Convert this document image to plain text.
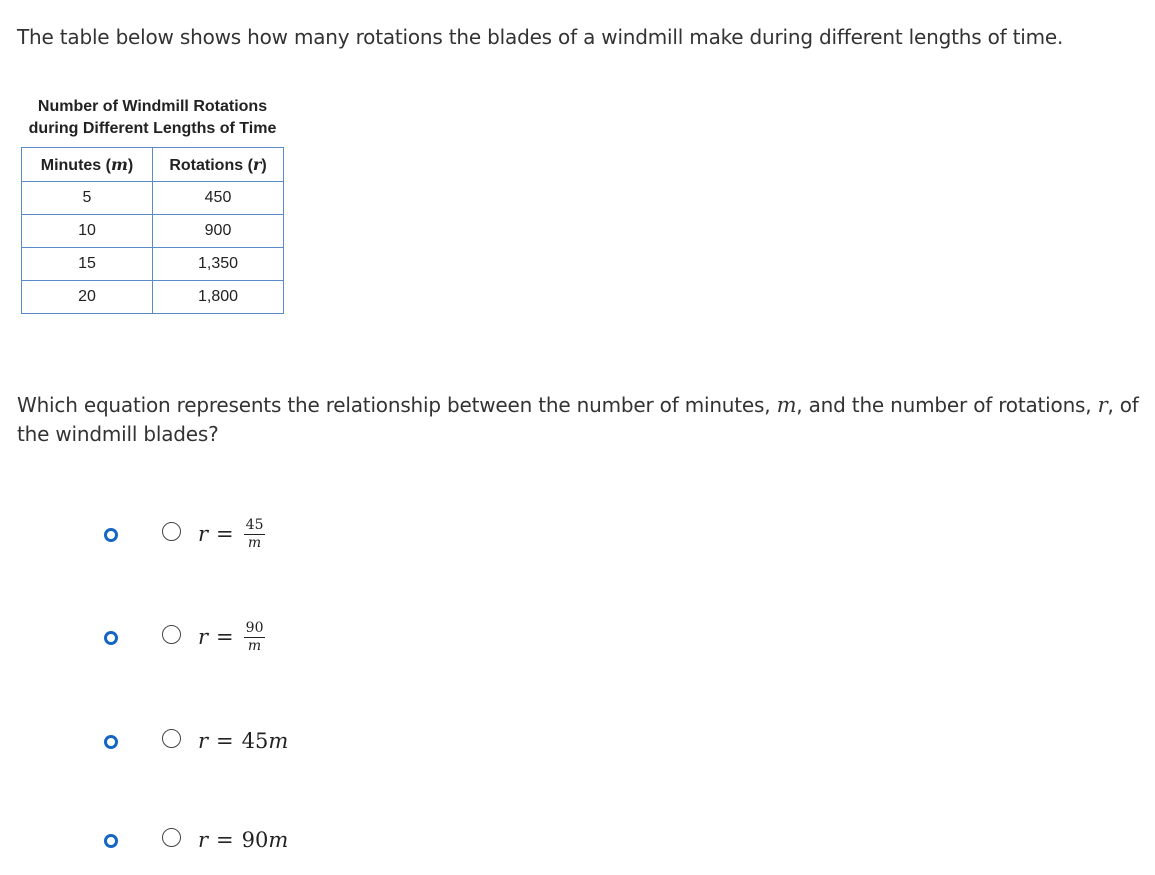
The table below shows how many rotations the blades of a windmill make during different lengths of time.
Number of Windmill Rotations
during Different Lengths of Time
Minutes (m)	Rotations (r)
5	450
10	900
15	1,350
20	1,800
Which equation represents the relationship between the number of minutes, m, and the number of rotations, r, of the windmill blades?
$r = \frac{45}{m}$
$r = \frac{90}{m}$
r = 45 m
r = 90 m
